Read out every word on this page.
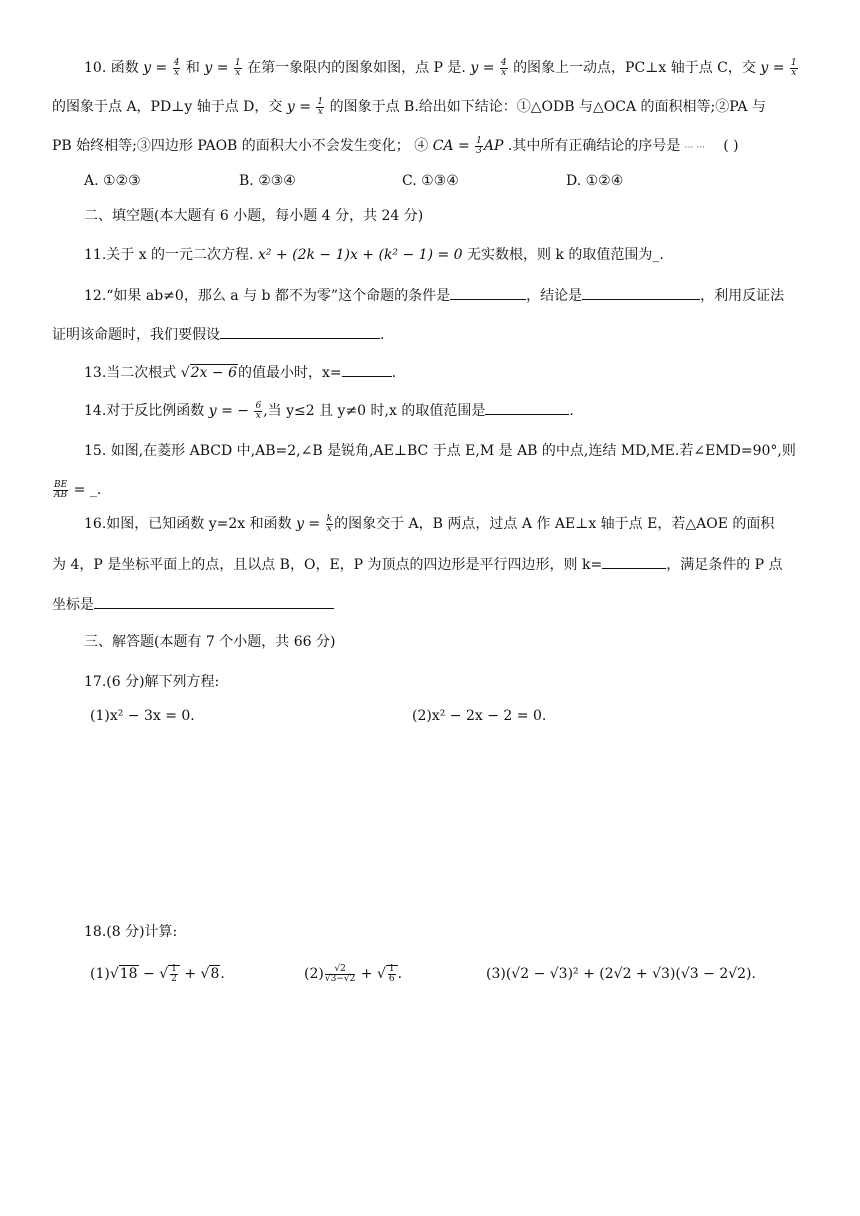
10. 函数 $y = \frac{4}{x}$ 和 $y = \frac{1}{x}$ 在第一象限内的图象如图，点 P 是. $y = \frac{4}{x}$ 的图象上一动点，PC⊥x 轴于点 C，交 $y = \frac{1}{x}$
的图象于点 A，PD⊥y 轴于点 D，交 $y = \frac{1}{x}$ 的图象于点 B.给出如下结论：①△ODB 与△OCA 的面积相等;②PA 与
PB 始终相等;③四边形 PAOB 的面积大小不会发生变化； ④ CA = $\frac{1}{3}$ AP .其中所有正确结论的序号是 ··· ··· ( )
A. ①②③	B. ②③④	C. ①③④	D. ①②④
二、填空题(本大题有 6 小题，每小题 4 分，共 24 分)
11.关于 x 的一元二次方程. x² + (2k − 1)x + (k² − 1) = 0 无实数根，则 k 的取值范围为_.
12.“如果 ab≠0，那么 a 与 b 都不为零”这个命题的条件是	，结论是	，利用反证法
证明该命题时，我们要假设	.
13.当二次根式 √2x − 6的值最小时，x=	.
14.对于反比例函数 y = − $\frac{6}{x}$ ,当 y≤2 且 y≠0 时,x 的取值范围是	.
15. 如图,在菱形 ABCD 中,AB=2,∠B 是锐角,AE⊥BC 于点 E,M 是 AB 的中点,连结 MD,ME.若∠EMD=90°,则
$\frac{BE}{AB}$ = _.
16.如图，已知函数 y=2x 和函数 $y = \frac{k}{x}$ 的图象交于 A，B 两点，过点 A 作 AE⊥x 轴于点 E，若△AOE 的面积
为 4，P 是坐标平面上的点，且以点 B，O，E，P 为顶点的四边形是平行四边形，则 k=	，满足条件的 P 点
坐标是
三、解答题(本题有 7 个小题，共 66 分)
17.(6 分)解下列方程:
(1)x² − 3x = 0.	(2)x² − 2x − 2 = 0.
18.(8 分)计算:
(1)√18 − √ $\frac{1}{2} + √8$.	$(2) \frac{√2}{√3-√2}$ + √ $\frac{1}{6}$ .	(3)(√2 − √3)² + (2√2 + √3)(√3 − 2√2).
